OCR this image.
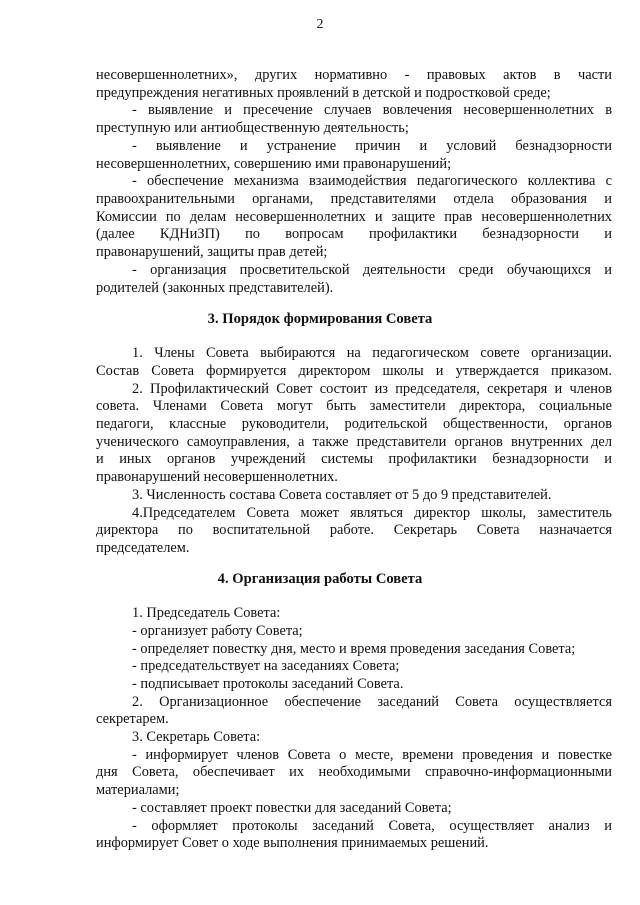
2
несовершеннолетних», других нормативно - правовых актов в части
предупреждения негативных проявлений в детской и подростковой среде;
- выявление и пресечение случаев вовлечения несовершеннолетних в
преступную или антиобщественную деятельность;
- выявление и устранение причин и условий безнадзорности
несовершеннолетних, совершению ими правонарушений;
- обеспечение механизма взаимодействия педагогического коллектива с
правоохранительными органами, представителями отдела образования и
Комиссии по делам несовершеннолетних и защите прав несовершеннолетних
(далее КДНиЗП) по вопросам профилактики безнадзорности и
правонарушений, защиты прав детей;
- организация просветительской деятельности среди обучающихся и
родителей (законных представителей).
1. Члены Совета выбираются на педагогическом совете организации.
Состав Совета формируется директором школы и утверждается приказом.
2. Профилактический Совет состоит из председателя, секретаря и членов
совета. Членами Совета могут быть заместители директора, социальные
педагоги, классные руководители, родительской общественности, органов
ученического самоуправления, а также представители органов внутренних дел
и иных органов учреждений системы профилактики безнадзорности и
правонарушений несовершеннолетних.
3. Численность состава Совета составляет от 5 до 9 представителей.
4.Председателем Совета может являться директор школы, заместитель
директора по воспитательной работе. Секретарь Совета назначается
председателем.
1. Председатель Совета:
- организует работу Совета;
- определяет повестку дня, место и время проведения заседания Совета;
- председательствует на заседаниях Совета;
- подписывает протоколы заседаний Совета.
2. Организационное обеспечение заседаний Совета осуществляется
секретарем.
3. Секретарь Совета:
- информирует членов Совета о месте, времени проведения и повестке
дня Совета, обеспечивает их необходимыми справочно-информационными
материалами;
- составляет проект повестки для заседаний Совета;
- оформляет протоколы заседаний Совета, осуществляет анализ и
информирует Совет о ходе выполнения принимаемых решений.
3. Порядок формирования Совета
4. Организация работы Совета
